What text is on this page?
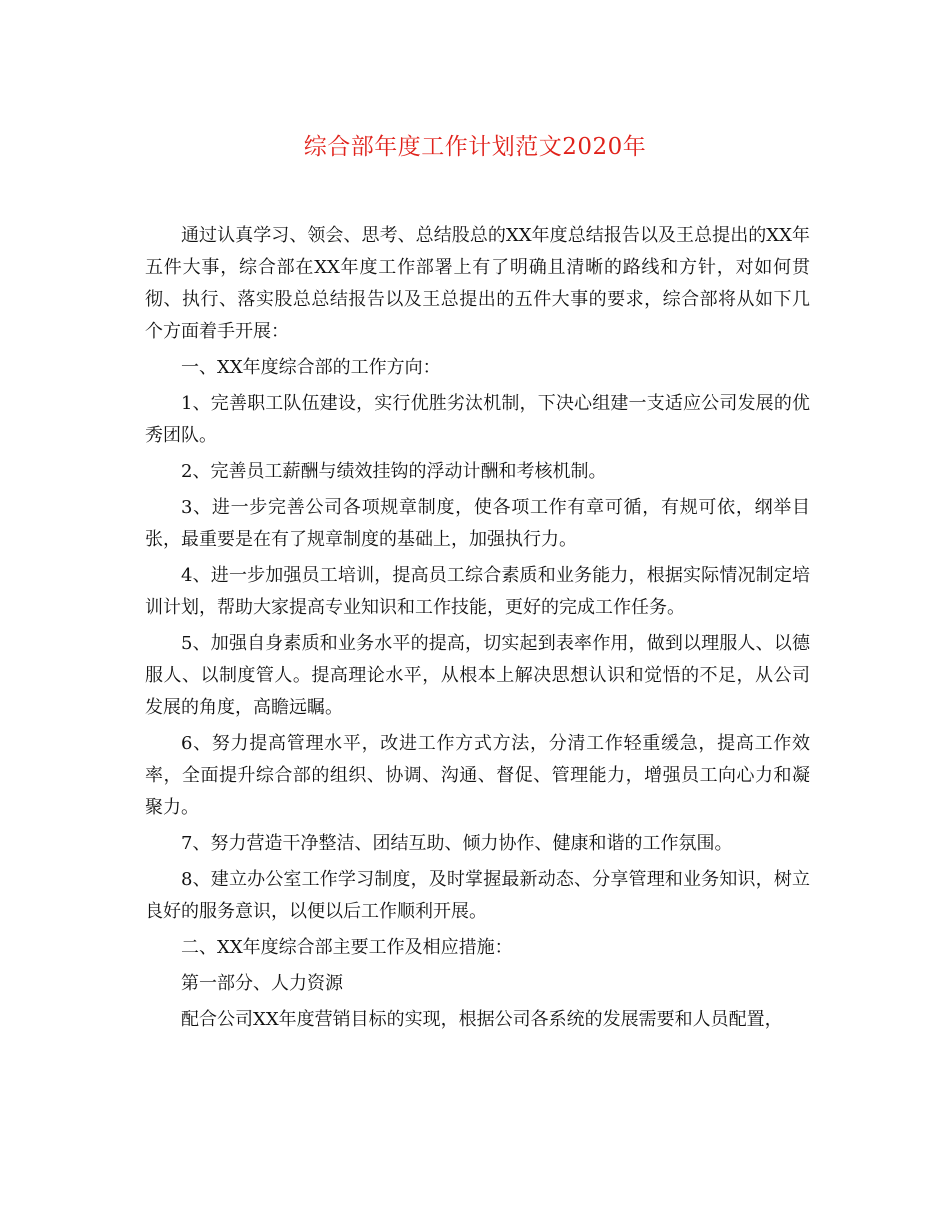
综合部年度工作计划范文2020年

通过认真学习、领会、思考、总结股总的XX年度总结报告以及王总提出的XX年五件大事，综合部在XX年度工作部署上有了明确且清晰的路线和方针，对如何贯彻、执行、落实股总总结报告以及王总提出的五件大事的要求，综合部将从如下几个方面着手开展：

一、XX年度综合部的工作方向：

1、完善职工队伍建设，实行优胜劣汰机制，下决心组建一支适应公司发展的优秀团队。

2、完善员工薪酬与绩效挂钩的浮动计酬和考核机制。

3、进一步完善公司各项规章制度，使各项工作有章可循，有规可依，纲举目张，最重要是在有了规章制度的基础上，加强执行力。

4、进一步加强员工培训，提高员工综合素质和业务能力，根据实际情况制定培训计划，帮助大家提高专业知识和工作技能，更好的完成工作任务。

5、加强自身素质和业务水平的提高，切实起到表率作用，做到以理服人、以德服人、以制度管人。提高理论水平，从根本上解决思想认识和觉悟的不足，从公司发展的角度，高瞻远瞩。

6、努力提高管理水平，改进工作方式方法，分清工作轻重缓急，提高工作效率，全面提升综合部的组织、协调、沟通、督促、管理能力，增强员工向心力和凝聚力。

7、努力营造干净整洁、团结互助、倾力协作、健康和谐的工作氛围。

8、建立办公室工作学习制度，及时掌握最新动态、分享管理和业务知识，树立良好的服务意识，以便以后工作顺利开展。

二、XX年度综合部主要工作及相应措施：

第一部分、人力资源

配合公司XX年度营销目标的实现，根据公司各系统的发展需要和人员配置，
